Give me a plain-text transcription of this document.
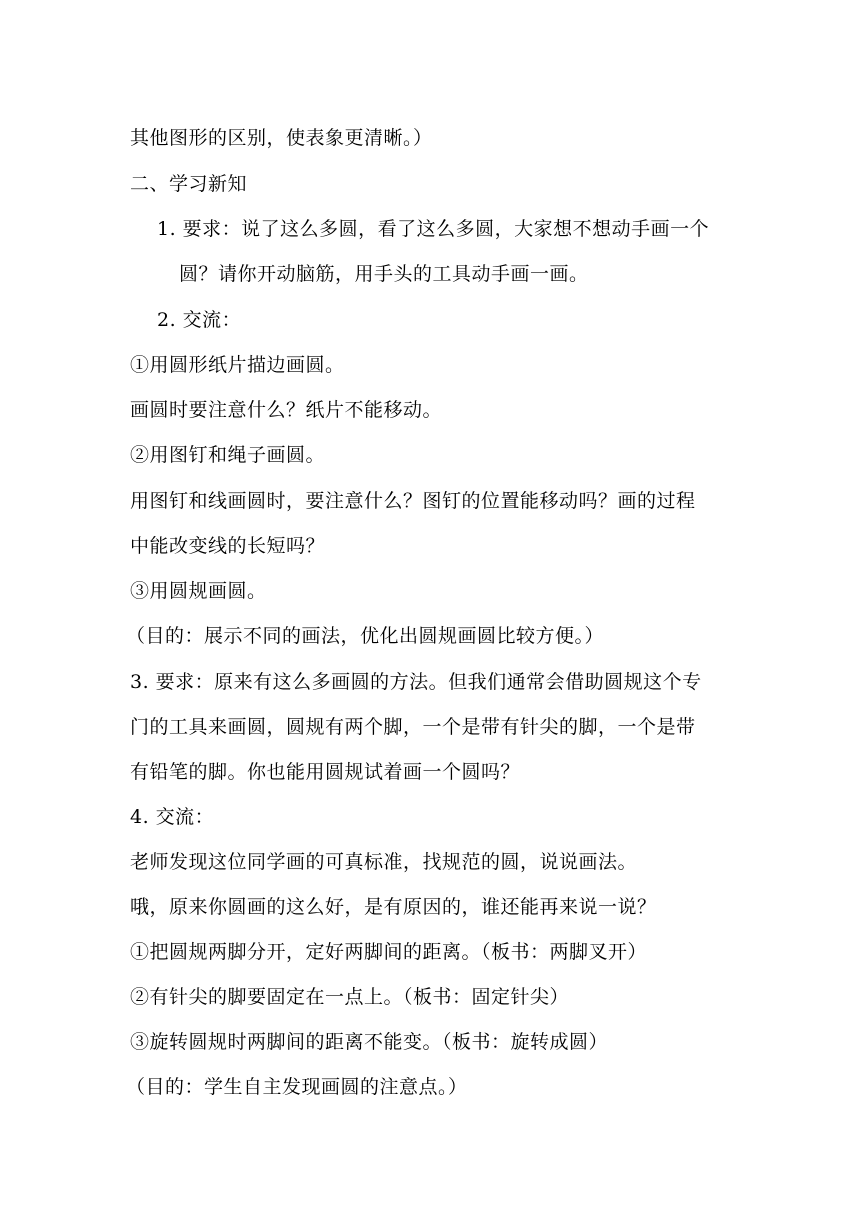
其他图形的区别，使表象更清晰。）
二、学习新知
1. 要求：说了这么多圆，看了这么多圆，大家想不想动手画一个
圆？请你开动脑筋，用手头的工具动手画一画。
2. 交流：
①用圆形纸片描边画圆。
画圆时要注意什么？纸片不能移动。
②用图钉和绳子画圆。
用图钉和线画圆时，要注意什么？图钉的位置能移动吗？画的过程
中能改变线的长短吗？
③用圆规画圆。
（目的：展示不同的画法，优化出圆规画圆比较方便。）
3. 要求：原来有这么多画圆的方法。但我们通常会借助圆规这个专
门的工具来画圆，圆规有两个脚，一个是带有针尖的脚，一个是带
有铅笔的脚。你也能用圆规试着画一个圆吗？
4. 交流：
老师发现这位同学画的可真标准，找规范的圆，说说画法。
哦，原来你圆画的这么好，是有原因的，谁还能再来说一说？
①把圆规两脚分开，定好两脚间的距离。（板书：两脚叉开）
②有针尖的脚要固定在一点上。（板书：固定针尖）
③旋转圆规时两脚间的距离不能变。（板书：旋转成圆）
（目的：学生自主发现画圆的注意点。）
